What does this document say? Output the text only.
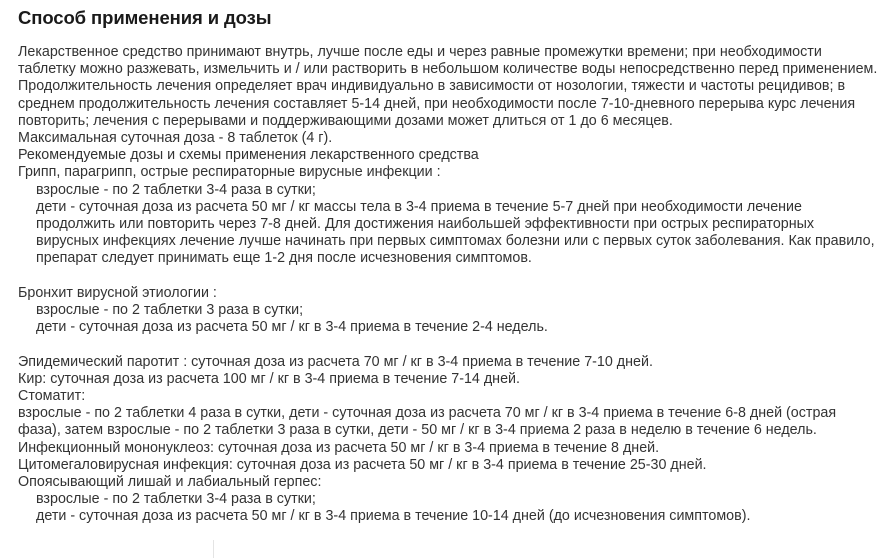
Способ применения и дозы

Лекарственное средство принимают внутрь, лучше после еды и через равные промежутки времени; при необходимости таблетку можно разжевать, измельчить и / или растворить в небольшом количестве воды непосредственно перед применением. Продолжительность лечения определяет врач индивидуально в зависимости от нозологии, тяжести и частоты рецидивов; в среднем продолжительность лечения составляет 5-14 дней, при необходимости после 7-10-дневного перерыва курс лечения повторить; лечения с перерывами и поддерживающими дозами может длиться от 1 до 6 месяцев.

Максимальная суточная доза - 8 таблеток (4 г).

Рекомендуемые дозы и схемы применения лекарственного средства

Грипп, парагрипп, острые респираторные вирусные инфекции :

взрослые - по 2 таблетки 3-4 раза в сутки;

дети - суточная доза из расчета 50 мг / кг массы тела в 3-4 приема в течение 5-7 дней при необходимости лечение продолжить или повторить через 7-8 дней. Для достижения наибольшей эффективности при острых респираторных вирусных инфекциях лечение лучше начинать при первых симптомах болезни или с первых суток заболевания. Как правило, препарат следует принимать еще 1-2 дня после исчезновения симптомов.

Бронхит вирусной этиологии :

взрослые - по 2 таблетки 3 раза в сутки;

дети - суточная доза из расчета 50 мг / кг в 3-4 приема в течение 2-4 недель.

Эпидемический паротит : суточная доза из расчета 70 мг / кг в 3-4 приема в течение 7-10 дней.

Кир: суточная доза из расчета 100 мг / кг в 3-4 приема в течение 7-14 дней.

Стоматит:

взрослые - по 2 таблетки 4 раза в сутки, дети - суточная доза из расчета 70 мг / кг в 3-4 приема в течение 6-8 дней (острая фаза), затем взрослые - по 2 таблетки 3 раза в сутки, дети - 50 мг / кг в 3-4 приема 2 раза в неделю в течение 6 недель.

Инфекционный мононуклеоз: суточная доза из расчета 50 мг / кг в 3-4 приема в течение 8 дней.

Цитомегаловирусная инфекция: суточная доза из расчета 50 мг / кг в 3-4 приема в течение 25-30 дней.

Опоясывающий лишай и лабиальный герпес:

взрослые - по 2 таблетки 3-4 раза в сутки;

дети - суточная доза из расчета 50 мг / кг в 3-4 приема в течение 10-14 дней (до исчезновения симптомов).
